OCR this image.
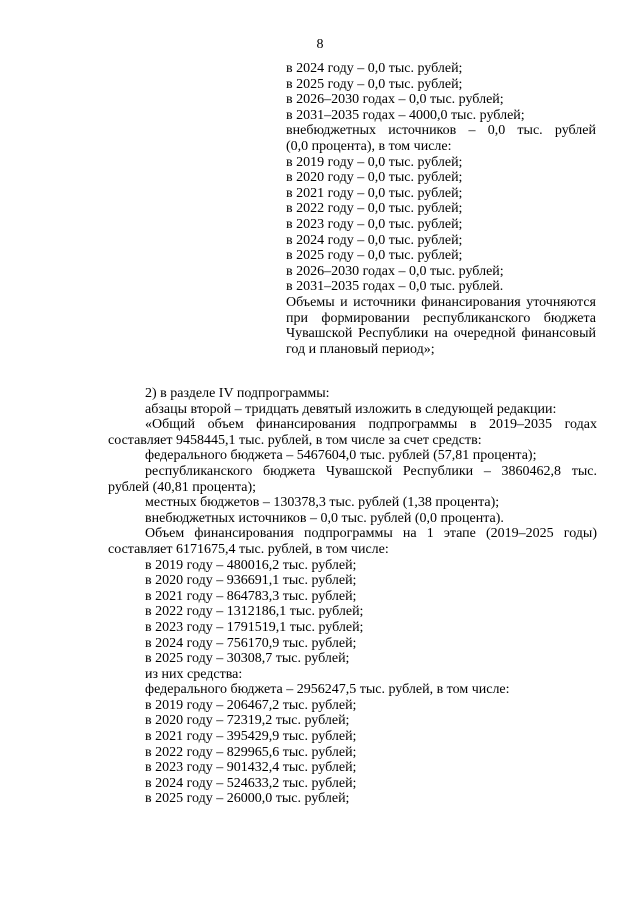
8
в 2024 году – 0,0 тыс. рублей;
в 2025 году – 0,0 тыс. рублей;
в 2026–2030 годах – 0,0 тыс. рублей;
в 2031–2035 годах – 4000,0 тыс. рублей;
внебюджетных источников – 0,0 тыс. рублей
(0,0 процента), в том числе:
в 2019 году – 0,0 тыс. рублей;
в 2020 году – 0,0 тыс. рублей;
в 2021 году – 0,0 тыс. рублей;
в 2022 году – 0,0 тыс. рублей;
в 2023 году – 0,0 тыс. рублей;
в 2024 году – 0,0 тыс. рублей;
в 2025 году – 0,0 тыс. рублей;
в 2026–2030 годах – 0,0 тыс. рублей;
в 2031–2035 годах – 0,0 тыс. рублей.
Объемы и источники финансирования уточняются при формировании республиканского бюджета Чувашской Республики на очередной финансовый год и плановый период»;
2) в разделе IV подпрограммы:
абзацы второй – тридцать девятый изложить в следующей редакции:
«Общий объем финансирования подпрограммы в 2019–2035 годах составляет 9458445,1 тыс. рублей, в том числе за счет средств:
федерального бюджета – 5467604,0 тыс. рублей (57,81 процента);
республиканского бюджета Чувашской Республики – 3860462,8 тыс. рублей (40,81 процента);
местных бюджетов – 130378,3 тыс. рублей (1,38 процента);
внебюджетных источников – 0,0 тыс. рублей (0,0 процента).
Объем финансирования подпрограммы на 1 этапе (2019–2025 годы) составляет 6171675,4 тыс. рублей, в том числе:
в 2019 году – 480016,2 тыс. рублей;
в 2020 году – 936691,1 тыс. рублей;
в 2021 году – 864783,3 тыс. рублей;
в 2022 году – 1312186,1 тыс. рублей;
в 2023 году – 1791519,1 тыс. рублей;
в 2024 году – 756170,9 тыс. рублей;
в 2025 году – 30308,7 тыс. рублей;
из них средства:
федерального бюджета – 2956247,5 тыс. рублей, в том числе:
в 2019 году – 206467,2 тыс. рублей;
в 2020 году – 72319,2 тыс. рублей;
в 2021 году – 395429,9 тыс. рублей;
в 2022 году – 829965,6 тыс. рублей;
в 2023 году – 901432,4 тыс. рублей;
в 2024 году – 524633,2 тыс. рублей;
в 2025 году – 26000,0 тыс. рублей;
